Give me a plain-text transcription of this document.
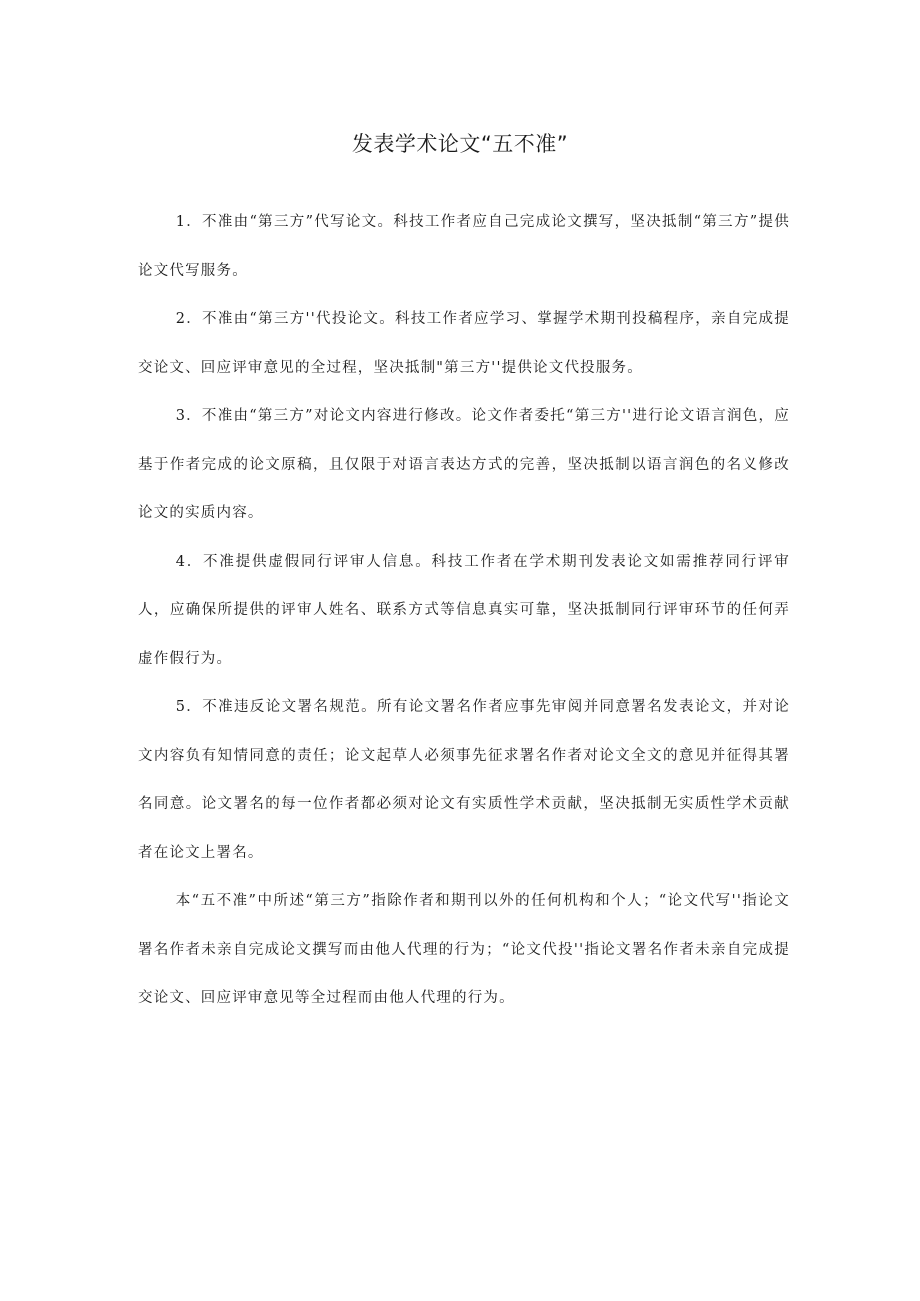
发表学术论文“五不准”

1．不准由“第三方”代写论文。科技工作者应自己完成论文撰写，坚决抵制“第三方”提供论文代写服务。

2．不准由“第三方''代投论文。科技工作者应学习、掌握学术期刊投稿程序，亲自完成提交论文、回应评审意见的全过程，坚决抵制"第三方''提供论文代投服务。

3．不准由“第三方”对论文内容进行修改。论文作者委托“第三方''进行论文语言润色，应基于作者完成的论文原稿，且仅限于对语言表达方式的完善，坚决抵制以语言润色的名义修改论文的实质内容。

4．不准提供虚假同行评审人信息。科技工作者在学术期刊发表论文如需推荐同行评审人，应确保所提供的评审人姓名、联系方式等信息真实可靠，坚决抵制同行评审环节的任何弄虚作假行为。

5．不准违反论文署名规范。所有论文署名作者应事先审阅并同意署名发表论文，并对论文内容负有知情同意的责任；论文起草人必须事先征求署名作者对论文全文的意见并征得其署名同意。论文署名的每一位作者都必须对论文有实质性学术贡献，坚决抵制无实质性学术贡献者在论文上署名。

本“五不准”中所述“第三方”指除作者和期刊以外的任何机构和个人；“论文代写''指论文署名作者未亲自完成论文撰写而由他人代理的行为；“论文代投''指论文署名作者未亲自完成提交论文、回应评审意见等全过程而由他人代理的行为。
